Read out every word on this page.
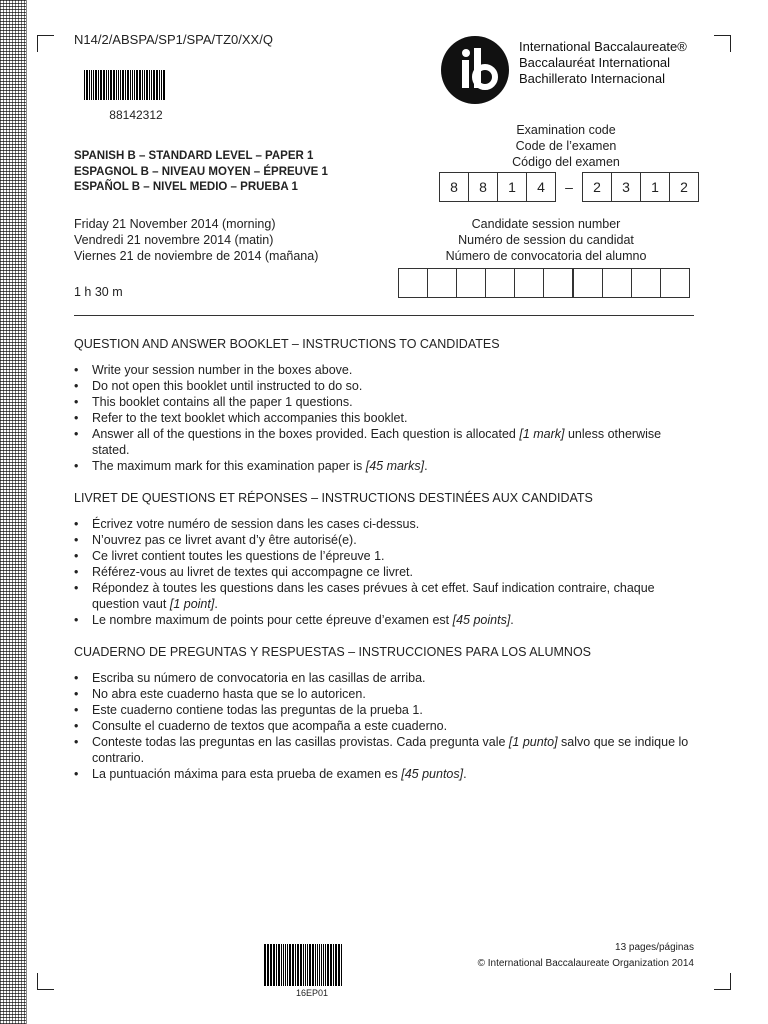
N14/2/ABSPA/SP1/SPA/TZ0/XX/Q
88142312
International Baccalaureate®
Baccalauréat International
Bachillerato Internacional
SPANISH B – STANDARD LEVEL – PAPER 1
ESPAGNOL B – NIVEAU MOYEN – ÉPREUVE 1
ESPAÑOL B – NIVEL MEDIO – PRUEBA 1
Examination code
Code de l’examen
Código del examen
8	8	1	4	–	2	3	1	2
Friday 21 November 2014 (morning)
Vendredi 21 novembre 2014 (matin)
Viernes 21 de noviembre de 2014 (mañana)
Candidate session number
Numéro de session du candidat
Número de convocatoria del alumno
1 h 30 m
QUESTION AND ANSWER BOOKLET – INSTRUCTIONS TO CANDIDATES
• Write your session number in the boxes above.
• Do not open this booklet until instructed to do so.
• This booklet contains all the paper 1 questions.
• Refer to the text booklet which accompanies this booklet.
• Answer all of the questions in the boxes provided. Each question is allocated [1 mark] unless otherwise stated.
• The maximum mark for this examination paper is [45 marks].
LIVRET DE QUESTIONS ET RÉPONSES – INSTRUCTIONS DESTINÉES AUX CANDIDATS
• Écrivez votre numéro de session dans les cases ci-dessus.
• N’ouvrez pas ce livret avant d’y être autorisé(e).
• Ce livret contient toutes les questions de l’épreuve 1.
• Référez-vous au livret de textes qui accompagne ce livret.
• Répondez à toutes les questions dans les cases prévues à cet effet. Sauf indication contraire, chaque question vaut [1 point].
• Le nombre maximum de points pour cette épreuve d’examen est [45 points].
CUADERNO DE PREGUNTAS Y RESPUESTAS – INSTRUCCIONES PARA LOS ALUMNOS
• Escriba su número de convocatoria en las casillas de arriba.
• No abra este cuaderno hasta que se lo autoricen.
• Este cuaderno contiene todas las preguntas de la prueba 1.
• Consulte el cuaderno de textos que acompaña a este cuaderno.
• Conteste todas las preguntas en las casillas provistas. Cada pregunta vale [1 punto] salvo que se indique lo contrario.
• La puntuación máxima para esta prueba de examen es [45 puntos].
13 pages/páginas
© International Baccalaureate Organization 2014
16EP01
